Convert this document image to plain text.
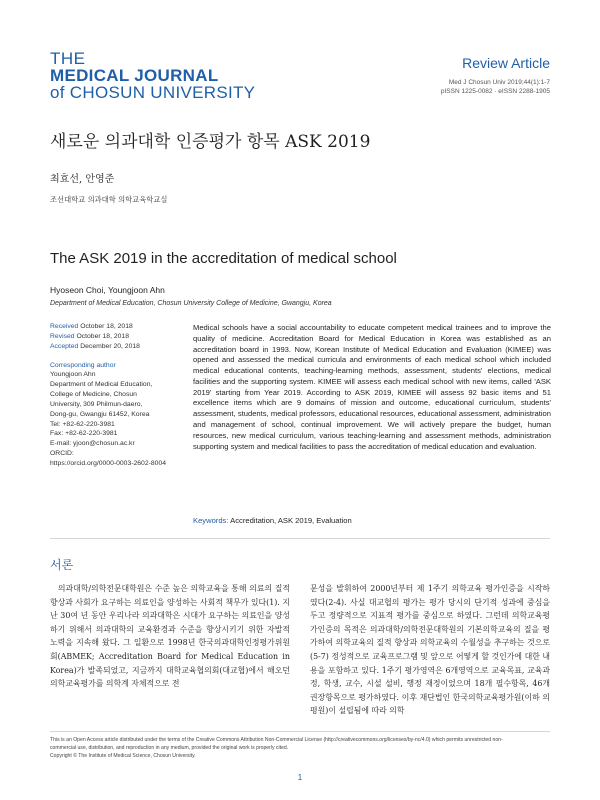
THE
MEDICAL JOURNAL
of CHOSUN UNIVERSITY
Review Article
Med J Chosun Univ 2019;44(1):1-7
pISSN 1225-0082 · eISSN 2288-1905
새로운 의과대학 인증평가 항목 ASK 2019
최효선, 안영준
조선대학교 의과대학 의학교육학교실
The ASK 2019 in the accreditation of medical school
Hyoseon Choi, Youngjoon Ahn
Department of Medical Education, Chosun University College of Medicine, Gwangju, Korea
Received October 18, 2018
Revised October 18, 2018
Accepted December 20, 2018
Corresponding author
Youngjoon Ahn
Department of Medical Education,
College of Medicine, Chosun
University, 309 Philmun-daero,
Dong-gu, Gwangju 61452, Korea
Tel: +82-62-220-3981
Fax: +82-62-220-3981
E-mail: yjoon@chosun.ac.kr
ORCID:
https://orcid.org/0000-0003-2602-8004
Medical schools have a social accountability to educate competent medical trainees and to improve the quality of medicine. Accreditation Board for Medical Education in Korea was established as an accreditation board in 1993. Now, Korean Institute of Medical Education and Evaluation (KIMEE) was opened and assessed the medical curricula and environments of each medical school which included medical educational contents, teaching-learning methods, assessment, students' elections, medical facilities and the supporting system. KIMEE will assess each medical school with new items, called 'ASK 2019' starting from Year 2019. According to ASK 2019, KIMEE will assess 92 basic items and 51 excellence items which are 9 domains of mission and outcome, educational curriculum, students' assessment, students, medical professors, educational resources, educational assessment, administration and management of school, continual improvement. We will actively prepare the budget, human resources, new medical curriculum, various teaching-learning and assessment methods, administration supporting system and medical facilities to pass the accreditation of medical education and evaluation.
Keywords: Accreditation, ASK 2019, Evaluation
서론
의과대학/의학전문대학원은 수준 높은 의학교육을 통해 의료의 질적 향상과 사회가 요구하는 의료인을 양성하는 사회적 책무가 있다(1). 지난 30여 년 동안 우리나라 의과대학은 시대가 요구하는 의료인을 양성하기 위해서 의과대학의 교육환경과 수준을 향상시키기 위한 자발적 노력을 지속해 왔다. 그 일환으로 1998년 한국의과대학인정평가위원회(ABMEK; Accreditation Board for Medical Education in Korea)가 발족되었고, 지금까지 대학교육협의회(대교협)에서 해오던 의학교육평가를 의학계 자체적으로 전
문성을 발휘하여 2000년부터 제 1주기 의학교육 평가인증을 시작하였다(2-4). 사실 대교협의 평가는 평가 당시의 단기적 성과에 중심을 두고 정량적으로 지표적 평가를 중심으로 하였다. 그런데 의학교육평가인증의 목적은 의과대학/의학전문대학원의 기본의학교육의 질을 평가하여 의학교육의 질적 향상과 의학교육의 수월성을 추구하는 것으로(5-7) 정성적으로 교육프로그램 및 앞으로 어떻게 할 것인가에 대한 내용을 포함하고 있다. 1주기 평가영역은 6개영역으로 교육목표, 교육과정, 학생, 교수, 시설 설비, 행정 재정이었으며 18개 필수항목, 46개 권장항목으로 평가하였다. 이후 재단법인 한국의학교육평가원(이하 의평원)이 설립됨에 따라 의학
This is an Open Access article distributed under the terms of the Creative Commons Attribution Non-Commercial License (http://creativecommons.org/licenses/by-nc/4.0) which permits unrestricted non-
commercial use, distribution, and reproduction in any medium, provided the original work is properly cited.
Copyright © The Institute of Medical Science, Chosun University.
1
